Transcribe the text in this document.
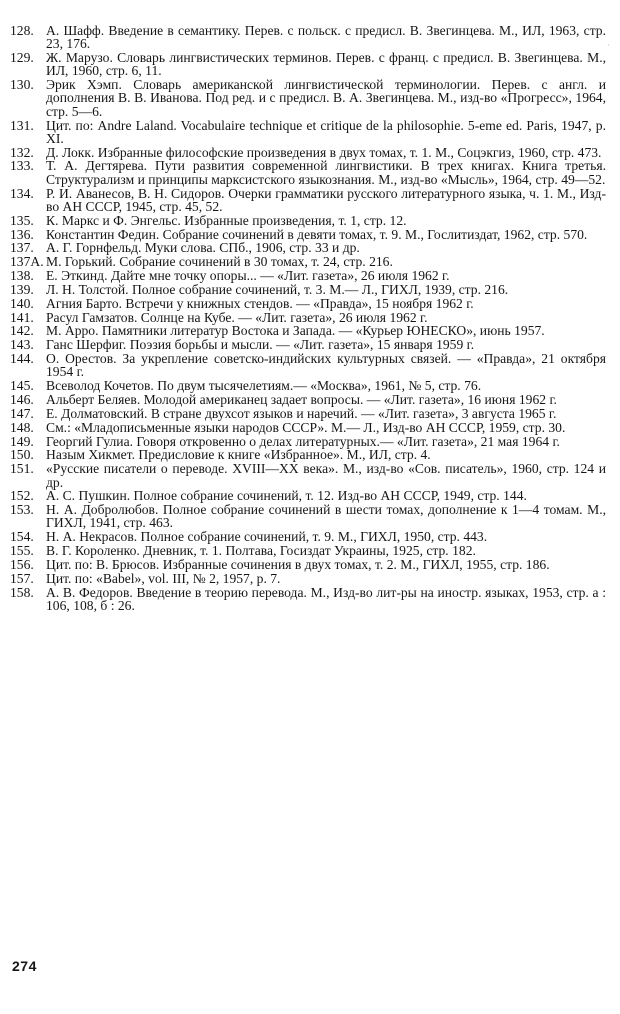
·
128. А. Шафф. Введение в семантику. Перев. с польск. с предисл. В. Звегинцева. М., ИЛ, 1963, стр. 23, 176.
129. Ж. Марузо. Словарь лингвистических терминов. Перев. с франц. с предисл. В. Звегинцева. М., ИЛ, 1960, стр. 6, 11.
130. Эрик Хэмп. Словарь американской лингвистической терминологии. Перев. с англ. и дополнения В. В. Иванова. Под ред. и с предисл. В. А. Звегинцева. М., изд-во «Прогресс», 1964, стр. 5—6.
131. Цит. по: Andre Laland. Vocabulaire technique et critique de la philosophie. 5-eme ed. Paris, 1947, p. XI.
132. Д. Локк. Избранные философские произведения в двух томах, т. 1. М., Соцэкгиз, 1960, стр. 473.
133. Т. А. Дегтярева. Пути развития современной лингвистики. В трех книгах. Книга третья. Структурализм и принципы марксистского языкознания. М., изд-во «Мысль», 1964, стр. 49—52.
134. Р. И. Аванесов, В. Н. Сидоров. Очерки грамматики русского литературного языка, ч. 1. М., Изд-во АН СССР, 1945, стр. 45, 52.
135. К. Маркс и Ф. Энгельс. Избранные произведения, т. 1, стр. 12.
136. Константин Федин. Собрание сочинений в девяти томах, т. 9. М., Гослитиздат, 1962, стр. 570.
137. А. Г. Горнфельд. Муки слова. СПб., 1906, стр. 33 и др.
137А. М. Горький. Собрание сочинений в 30 томах, т. 24, стр. 216.
138. Е. Эткинд. Дайте мне точку опоры... — «Лит. газета», 26 июля 1962 г.
139. Л. Н. Толстой. Полное собрание сочинений, т. 3. М.— Л., ГИХЛ, 1939, стр. 216.
140. Агния Барто. Встречи у книжных стендов. — «Правда», 15 ноября 1962 г.
141. Расул Гамзатов. Солнце на Кубе. — «Лит. газета», 26 июля 1962 г.
142. М. Арро. Памятники литератур Востока и Запада. — «Курьер ЮНЕСКО», июнь 1957.
143. Ганс Шерфиг. Поэзия борьбы и мысли. — «Лит. газета», 15 января 1959 г.
144. О. Орестов. За укрепление советско-индийских культурных связей. — «Правда», 21 октября 1954 г.
145. Всеволод Кочетов. По двум тысячелетиям.— «Москва», 1961, № 5, стр. 76.
146. Альберт Беляев. Молодой американец задает вопросы. — «Лит. газета», 16 июня 1962 г.
147. Е. Долматовский. В стране двухсот языков и наречий. — «Лит. газета», 3 августа 1965 г.
148. См.: «Младописьменные языки народов СССР». М.— Л., Изд-во АН СССР, 1959, стр. 30.
149. Георгий Гулиа. Говоря откровенно о делах литературных.— «Лит. газета», 21 мая 1964 г.
150. Назым Хикмет. Предисловие к книге «Избранное». М., ИЛ, стр. 4.
151. «Русские писатели о переводе. XVIII—XX века». М., изд-во «Сов. писатель», 1960, стр. 124 и др.
152. А. С. Пушкин. Полное собрание сочинений, т. 12. Изд-во АН СССР, 1949, стр. 144.
153. Н. А. Добролюбов. Полное собрание сочинений в шести томах, дополнение к 1—4 томам. М., ГИХЛ, 1941, стр. 463.
154. Н. А. Некрасов. Полное собрание сочинений, т. 9. М., ГИХЛ, 1950, стр. 443.
155. В. Г. Короленко. Дневник, т. 1. Полтава, Госиздат Украины, 1925, стр. 182.
156. Цит. по: В. Брюсов. Избранные сочинения в двух томах, т. 2. М., ГИХЛ, 1955, стр. 186.
157. Цит. по: «Babel», vol. III, № 2, 1957, p. 7.
158. А. В. Федоров. Введение в теорию перевода. М., Изд-во лит-ры на иностр. языках, 1953, стр. а : 106, 108, б : 26.
274
